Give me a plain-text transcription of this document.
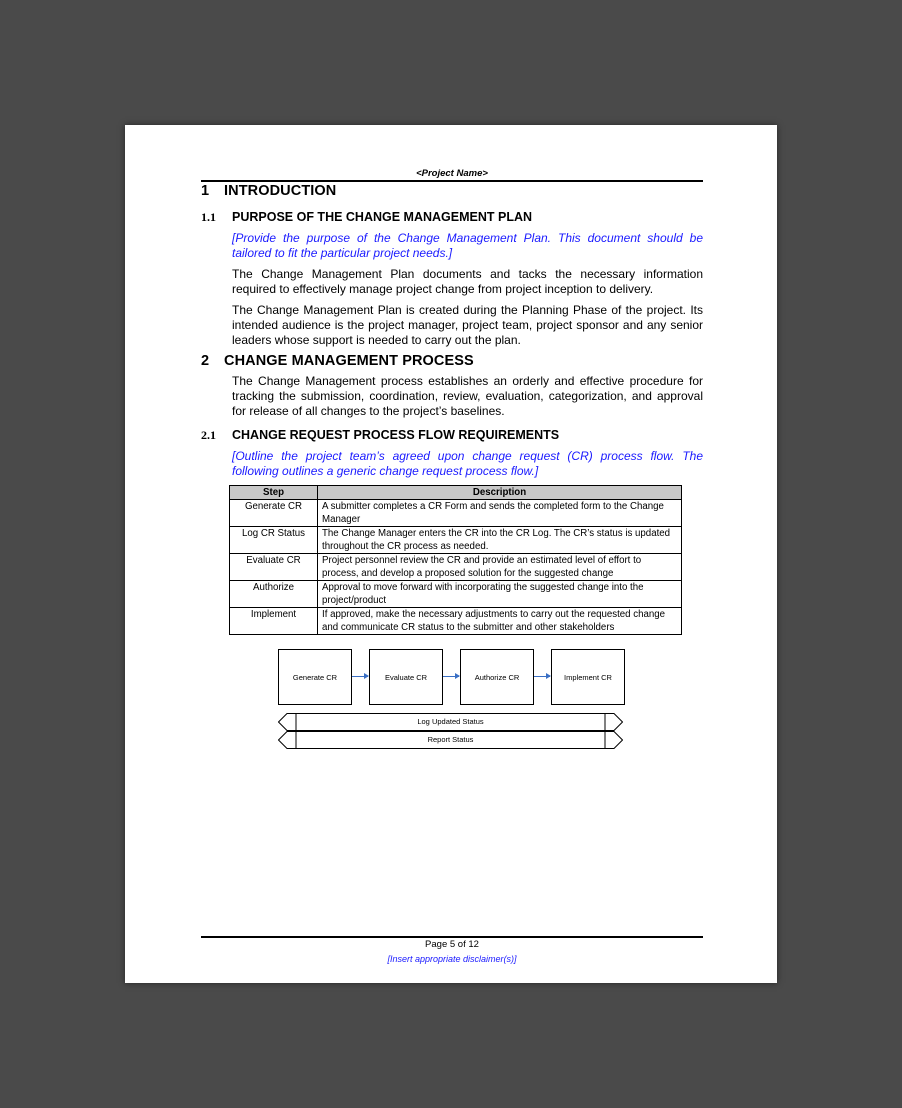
<Project Name>
1 INTRODUCTION
1.1 PURPOSE OF THE CHANGE MANAGEMENT PLAN
[Provide the purpose of the Change Management Plan. This document should be tailored to fit the particular project needs.]
The Change Management Plan documents and tacks the necessary information required to effectively manage project change from project inception to delivery.
The Change Management Plan is created during the Planning Phase of the project. Its intended audience is the project manager, project team, project sponsor and any senior leaders whose support is needed to carry out the plan.
2 CHANGE MANAGEMENT PROCESS
The Change Management process establishes an orderly and effective procedure for tracking the submission, coordination, review, evaluation, categorization, and approval for release of all changes to the project’s baselines.
2.1 CHANGE REQUEST PROCESS FLOW REQUIREMENTS
[Outline the project team’s agreed upon change request (CR) process flow. The following outlines a generic change request process flow.]
Step	Description
Generate CR	A submitter completes a CR Form and sends the completed form to the Change Manager
Log CR Status	The Change Manager enters the CR into the CR Log. The CR’s status is updated throughout the CR process as needed.
Evaluate CR	Project personnel review the CR and provide an estimated level of effort to process, and develop a proposed solution for the suggested change
Authorize	Approval to move forward with incorporating the suggested change into the project/product
Implement	If approved, make the necessary adjustments to carry out the requested change and communicate CR status to the submitter and other stakeholders
Generate CR	Evaluate CR	Authorize CR	Implement CR
Log Updated Status
Report Status
Page 5 of 12
[Insert appropriate disclaimer(s)]
